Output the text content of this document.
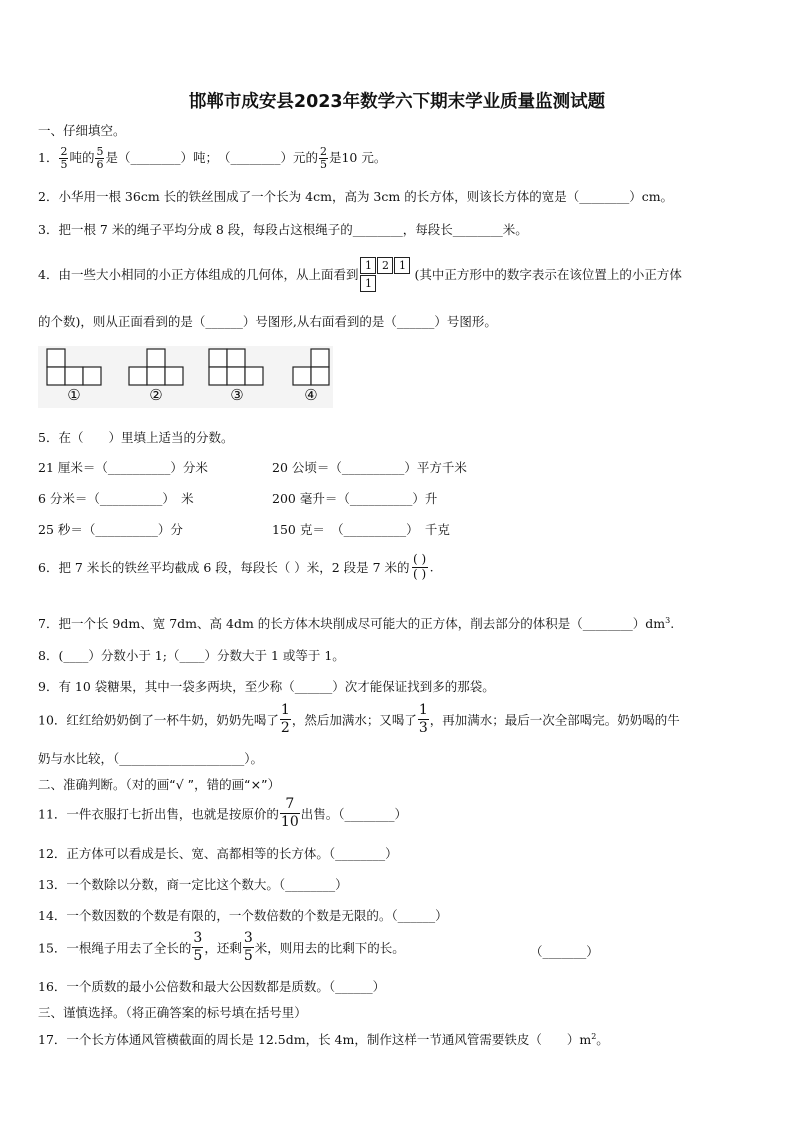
邯郸市成安县2023年数学六下期末学业质量监测试题
一、仔细填空。
1． $\frac{2}{5}$ 吨的 $\frac{5}{6}$ 是（________）吨；　（________）元的 $\frac{2}{5}$ 是10 元。
2．小华用一根 36cm 长的铁丝围成了一个长为 4cm，高为 3cm 的长方体，则该长方体的宽是（________）cm。
3．把一根 7 米的绳子平均分成 8 段，每段占这根绳子的________，每段长________米。
4．由一些大小相同的小正方体组成的几何体，从上面看到
1 2 1
1
(其中正方形中的数字表示在该位置上的小正方体
的个数)，则从正面看到的是（______）号图形,从右面看到的是（______）号图形。
①	②	③	④
5．在（　　）里填上适当的分数。
21 厘米＝（__________）分米	20 公顷＝（__________）平方千米
6 分米＝（__________）　米	200 毫升＝（__________）升
25 秒＝（__________）分	150 克＝　（__________）　千克
6．把 7 米长的铁丝平均截成 6 段，每段长（ ）米，2 段是 7 米的
( )
( ) .
7．把一个长 9dm、宽 7dm、高 4dm 的长方体木块削成尽可能大的正方体，削去部分的体积是$(\_\_\_\_\_\_\_\_)dm^3$.
8．(____）分数小于 1;（____）分数大于 1 或等于 1。
9．有 10 袋糖果，其中一袋多两块，至少称（______）次才能保证找到多的那袋。
10．红红给奶奶倒了一杯牛奶，奶奶先喝了 $\frac{1}{2}$ ，然后加满水；又喝了 $\frac{1}{3}$ ，再加满水；最后一次全部喝完。奶奶喝的牛
奶与水比较，（____________________）。
二、准确判断。（对的画“√ ”，错的画“×”）
11．一件衣服打七折出售，也就是按原价的 $\frac{7}{10}$ 出售。（________）
12．正方体可以看成是长、宽、高都相等的长方体。（________）
13．一个数除以分数，商一定比这个数大。（________）
14．一个数因数的个数是有限的，一个数倍数的个数是无限的。（______）
15．一根绳子用去了全长的 $\frac{3}{5}$ ，还剩 $\frac{3}{5}$ 米，则用去的比剩下的长。	（_______）
16．一个质数的最小公倍数和最大公因数都是质数。（______）
三、谨慎选择。（将正确答案的标号填在括号里）
17．一个长方体通风管横截面的周长是 12.5dm，长 4m，制作这样一节通风管需要铁皮（　　）$m^2$。
